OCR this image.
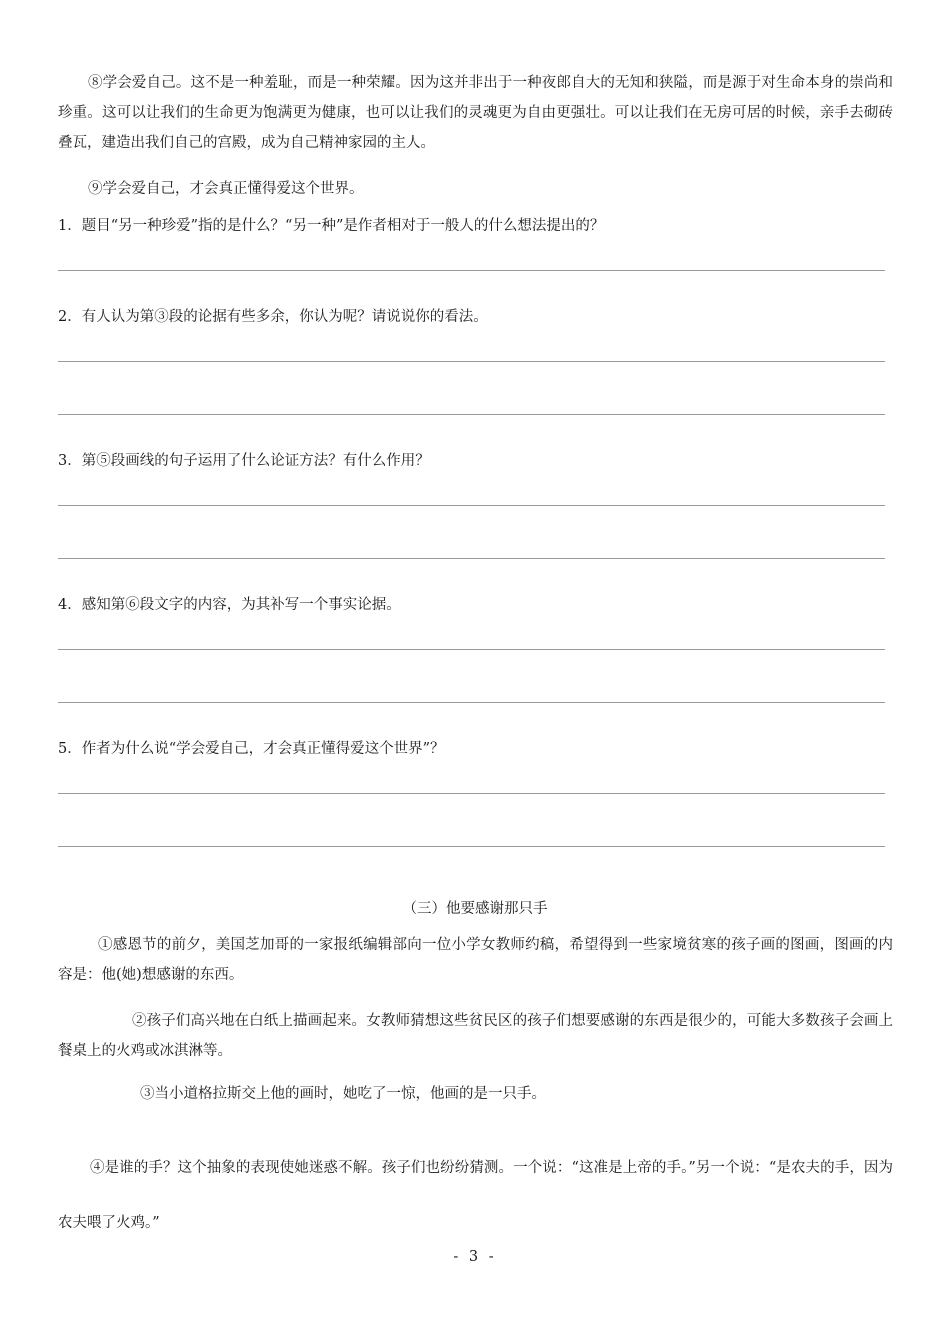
⑧学会爱自己。这不是一种羞耻，而是一种荣耀。因为这并非出于一种夜郎自大的无知和狭隘，而是源于对生命本身的崇尚和珍重。这可以让我们的生命更为饱满更为健康，也可以让我们的灵魂更为自由更强壮。可以让我们在无房可居的时候，亲手去砌砖叠瓦，建造出我们自己的宫殿，成为自己精神家园的主人。

⑨学会爱自己，才会真正懂得爱这个世界。

1．题目“另一种珍爱”指的是什么？“另一种”是作者相对于一般人的什么想法提出的？

2．有人认为第③段的论据有些多余，你认为呢？请说说你的看法。

3．第⑤段画线的句子运用了什么论证方法？有什么作用？

4．感知第⑥段文字的内容，为其补写一个事实论据。

5．作者为什么说“学会爱自己，才会真正懂得爱这个世界”？

（三）他要感谢那只手

①感恩节的前夕，美国芝加哥的一家报纸编辑部向一位小学女教师约稿，希望得到一些家境贫寒的孩子画的图画，图画的内容是：他(她)想感谢的东西。

②孩子们高兴地在白纸上描画起来。女教师猜想这些贫民区的孩子们想要感谢的东西是很少的，可能大多数孩子会画上餐桌上的火鸡或冰淇淋等。

③当小道格拉斯交上他的画时，她吃了一惊，他画的是一只手。

④是谁的手？这个抽象的表现使她迷惑不解。孩子们也纷纷猜测。一个说：“这准是上帝的手。”另一个说：“是农夫的手，因为农夫喂了火鸡。”

- 3 -
